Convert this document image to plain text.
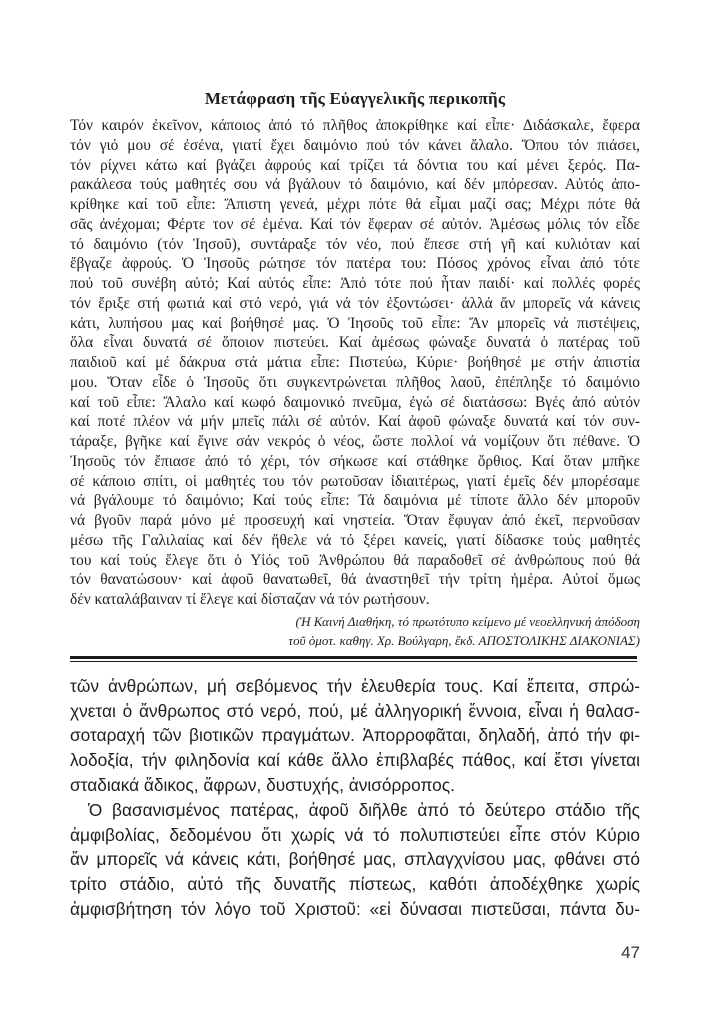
Μετάφραση τῆς Εὐαγγελικῆς περικοπῆς
Τόν καιρόν ἐκεῖνον, κάποιος ἀπό τό πλῆθος ἀποκρίθηκε καί εἶπε· Διδάσκαλε, ἔφερα
τόν γιό μου σέ ἐσένα, γιατί ἔχει δαιμόνιο πού τόν κάνει ἄλαλο. Ὅπου τόν πιάσει,
τόν ρίχνει κάτω καί βγάζει ἀφρούς καί τρίζει τά δόντια του καί μένει ξερός. Πα-
ρακάλεσα τούς μαθητές σου νά βγάλουν τό δαιμόνιο, καί δέν μπόρεσαν. Αὐτός ἀπο-
κρίθηκε καί τοῦ εἶπε: Ἄπιστη γενεά, μέχρι πότε θά εἶμαι μαζί σας; Μέχρι πότε θά
σᾶς ἀνέχομαι; Φέρτε τον σέ ἐμένα. Καί τόν ἔφεραν σέ αὐτόν. Ἀμέσως μόλις τόν εἶδε
τό δαιμόνιο (τόν Ἰησοῦ), συντάραξε τόν νέο, πού ἔπεσε στή γῆ καί κυλιόταν καί
ἔβγαζε ἀφρούς. Ὁ Ἰησοῦς ρώτησε τόν πατέρα του: Πόσος χρόνος εἶναι ἀπό τότε
πού τοῦ συνέβη αὐτό; Καί αὐτός εἶπε: Ἀπό τότε πού ἦταν παιδί· καί πολλές φορές
τόν ἔριξε στή φωτιά καί στό νερό, γιά νά τόν ἐξοντώσει· ἀλλά ἄν μπορεῖς νά κάνεις
κάτι, λυπήσου μας καί βοήθησέ μας. Ὁ Ἰησοῦς τοῦ εἶπε: Ἄν μπορεῖς νά πιστέψεις,
ὅλα εἶναι δυνατά σέ ὅποιον πιστεύει. Καί ἀμέσως φώναξε δυνατά ὁ πατέρας τοῦ
παιδιοῦ καί μέ δάκρυα στά μάτια εἶπε: Πιστεύω, Κύριε· βοήθησέ με στήν ἀπιστία
μου. Ὅταν εἶδε ὁ Ἰησοῦς ὅτι συγκεντρώνεται πλῆθος λαοῦ, ἐπέπληξε τό δαιμόνιο
καί τοῦ εἶπε: Ἄλαλο καί κωφό δαιμονικό πνεῦμα, ἐγώ σέ διατάσσω: Βγές ἀπό αὐτόν
καί ποτέ πλέον νά μήν μπεῖς πάλι σέ αὐτόν. Καί ἀφοῦ φώναξε δυνατά καί τόν συν-
τάραξε, βγῆκε καί ἔγινε σάν νεκρός ὁ νέος, ὥστε πολλοί νά νομίζουν ὅτι πέθανε. Ὁ
Ἰησοῦς τόν ἔπιασε ἀπό τό χέρι, τόν σήκωσε καί στάθηκε ὄρθιος. Καί ὅταν μπῆκε
σέ κάποιο σπίτι, οἱ μαθητές του τόν ρωτοῦσαν ἰδιαιτέρως, γιατί ἐμεῖς δέν μπορέσαμε
νά βγάλουμε τό δαιμόνιο; Καί τούς εἶπε: Τά δαιμόνια μέ τίποτε ἄλλο δέν μποροῦν
νά βγοῦν παρά μόνο μέ προσευχή καί νηστεία. Ὅταν ἔφυγαν ἀπό ἐκεῖ, περνοῦσαν
μέσω τῆς Γαλιλαίας καί δέν ἤθελε νά τό ξέρει κανείς, γιατί δίδασκε τούς μαθητές
του καί τούς ἔλεγε ὅτι ὁ Υἱός τοῦ Ἀνθρώπου θά παραδοθεῖ σέ ἀνθρώπους πού θά
τόν θανατώσουν· καί ἀφοῦ θανατωθεῖ, θά ἀναστηθεῖ τήν τρίτη ἡμέρα. Αὐτοί ὅμως
δέν καταλάβαιναν τί ἔλεγε καί δίσταζαν νά τόν ρωτήσουν.
(Ἡ Καινή Διαθήκη, τό πρωτότυπο κείμενο μέ νεοελληνική ἀπόδοση
τοῦ ὁμοτ. καθηγ. Χρ. Βούλγαρη, ἔκδ. ΑΠΟΣΤΟΛΙΚΗΣ ΔΙΑΚΟΝΙΑΣ)
τῶν ἀνθρώπων, μή σεβόμενος τήν ἐλευθερία τους. Καί ἔπειτα, σπρώ-
χνεται ὁ ἄνθρωπος στό νερό, πού, μέ ἀλληγορική ἔννοια, εἶναι ἡ θαλασ-
σοταραχή τῶν βιοτικῶν πραγμάτων. Ἀπορροφᾶται, δηλαδή, ἀπό τήν φι-
λοδοξία, τήν φιληδονία καί κάθε ἄλλο ἐπιβλαβές πάθος, καί ἔτσι γίνεται
σταδιακά ἄδικος, ἄφρων, δυστυχής, ἀνισόρροπος.
Ὁ βασανισμένος πατέρας, ἀφοῦ διῆλθε ἀπό τό δεύτερο στάδιο τῆς
ἀμφιβολίας, δεδομένου ὅτι χωρίς νά τό πολυπιστεύει εἶπε στόν Κύριο
ἄν μπορεῖς νά κάνεις κάτι, βοήθησέ μας, σπλαγχνίσου μας, φθάνει στό
τρίτο στάδιο, αὐτό τῆς δυνατῆς πίστεως, καθότι ἀποδέχθηκε χωρίς
ἀμφισβήτηση τόν λόγο τοῦ Χριστοῦ: «εἰ δύνασαι πιστεῦσαι, πάντα δυ-
47
